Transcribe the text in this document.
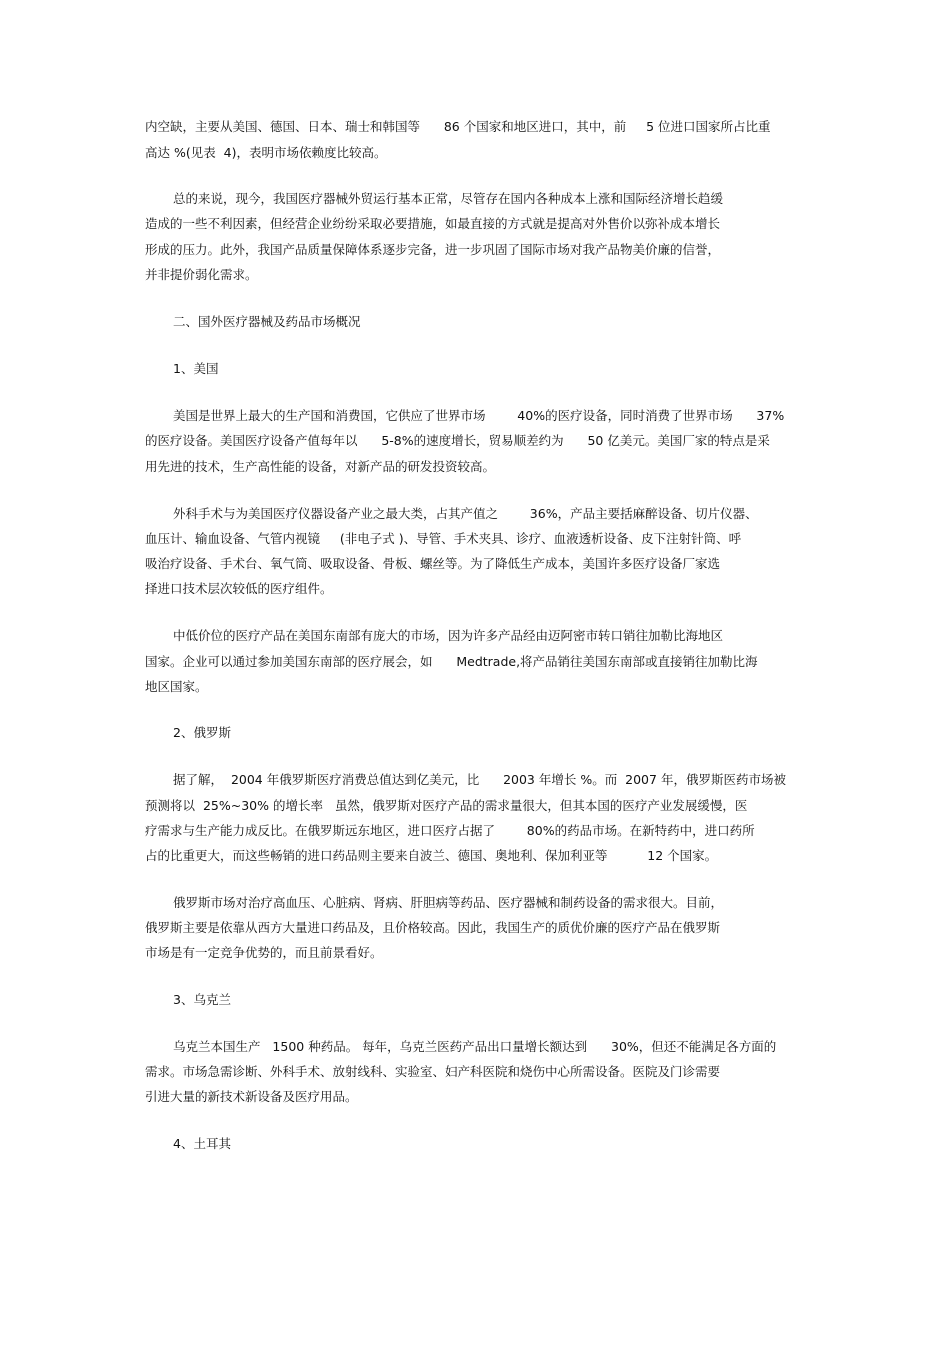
内空缺，主要从美国、德国、日本、瑞士和韩国等      86 个国家和地区进口，其中，前     5 位进口国家所占比重
高达 %(见表  4)，表明市场依赖度比较高。
总的来说，现今，我国医疗器械外贸运行基本正常，尽管存在国内各种成本上涨和国际经济增长趋缓
造成的一些不利因素，但经营企业纷纷采取必要措施，如最直接的方式就是提高对外售价以弥补成本增长
形成的压力。此外，我国产品质量保障体系逐步完备，进一步巩固了国际市场对我产品物美价廉的信誉，
并非提价弱化需求。
二、国外医疗器械及药品市场概况
1、美国
美国是世界上最大的生产国和消费国，它供应了世界市场        40%的医疗设备，同时消费了世界市场      37%
的医疗设备。美国医疗设备产值每年以      5-8%的速度增长，贸易顺差约为      50 亿美元。美国厂家的特点是采
用先进的技术，生产高性能的设备，对新产品的研发投资较高。
外科手术与为美国医疗仪器设备产业之最大类，占其产值之        36%，产品主要括麻醉设备、切片仪器、
血压计、输血设备、气管内视镜     (非电子式 )、导管、手术夹具、诊疗、血液透析设备、皮下注射针筒、呼
吸治疗设备、手术台、氧气筒、吸取设备、骨板、螺丝等。为了降低生产成本，美国许多医疗设备厂家选
择进口技术层次较低的医疗组件。
中低价位的医疗产品在美国东南部有庞大的市场，因为许多产品经由迈阿密市转口销往加勒比海地区
国家。企业可以通过参加美国东南部的医疗展会，如      Medtrade,将产品销往美国东南部或直接销往加勒比海
地区国家。
2、俄罗斯
据了解，  2004 年俄罗斯医疗消费总值达到亿美元，比      2003 年增长 %。而  2007 年，俄罗斯医药市场被
预测将以  25%~30% 的增长率   虽然，俄罗斯对医疗产品的需求量很大，但其本国的医疗产业发展缓慢，医
疗需求与生产能力成反比。在俄罗斯远东地区，进口医疗占据了        80%的药品市场。在新特药中，进口药所
占的比重更大，而这些畅销的进口药品则主要来自波兰、德国、奥地利、保加利亚等          12 个国家。
俄罗斯市场对治疗高血压、心脏病、肾病、肝胆病等药品、医疗器械和制药设备的需求很大。目前，
俄罗斯主要是依靠从西方大量进口药品及，且价格较高。因此，我国生产的质优价廉的医疗产品在俄罗斯
市场是有一定竞争优势的，而且前景看好。
3、乌克兰
乌克兰本国生产   1500 种药品。 每年，乌克兰医药产品出口量增长额达到      30%，但还不能满足各方面的
需求。市场急需诊断、外科手术、放射线科、实验室、妇产科医院和烧伤中心所需设备。医院及门诊需要
引进大量的新技术新设备及医疗用品。
4、土耳其
